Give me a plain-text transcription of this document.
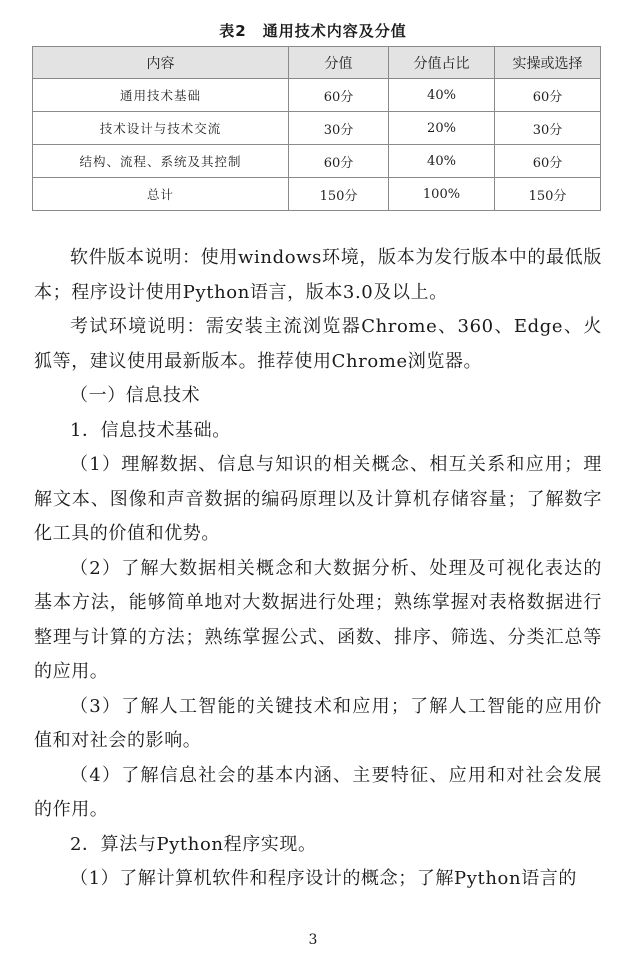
表2　通用技术内容及分值
内容	分值	分值占比	实操或选择
通用技术基础	60分	40%	60分
技术设计与技术交流	30分	20%	30分
结构、流程、系统及其控制	60分	40%	60分
总计	150分	100%	150分

软件版本说明：使用windows环境，版本为发行版本中的最低版本；程序设计使用Python语言，版本3.0及以上。

考试环境说明：需安装主流浏览器Chrome、360、Edge、火狐等，建议使用最新版本。推荐使用Chrome浏览器。

（一）信息技术

1．信息技术基础。

（1）理解数据、信息与知识的相关概念、相互关系和应用；理解文本、图像和声音数据的编码原理以及计算机存储容量；了解数字化工具的价值和优势。

（2）了解大数据相关概念和大数据分析、处理及可视化表达的基本方法，能够简单地对大数据进行处理；熟练掌握对表格数据进行整理与计算的方法；熟练掌握公式、函数、排序、筛选、分类汇总等的应用。

（3）了解人工智能的关键技术和应用；了解人工智能的应用价值和对社会的影响。

（4）了解信息社会的基本内涵、主要特征、应用和对社会发展的作用。

2．算法与Python程序实现。

（1）了解计算机软件和程序设计的概念；了解Python语言的

3
